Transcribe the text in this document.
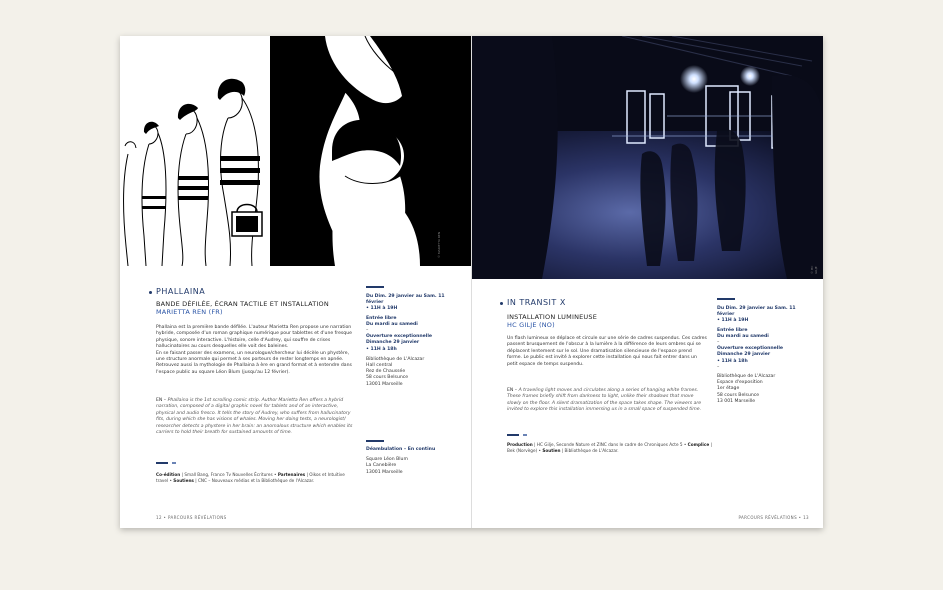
© MARIETTA REN
PHALLAINA
BANDE DÉFILÉE, ÉCRAN TACTILE ET INSTALLATION
MARIETTA REN (FR)
Phallaina est la première bande défilée. L'auteur Marietta Ren propose une narration hybride, composée d'un roman graphique numérique pour tablettes et d'une fresque physique, sonore interactive. L'histoire, celle d'Audrey, qui souffre de crises hallucinatoires au cours desquelles elle voit des baleines.
En se faisant passer des examens, un neurologue/chercheur lui décèle un phystère, une structure anormale qui permet à ses porteurs de rester longtemps en apnée. Retrouvez aussi la mythologie de Phallaina à ère en grand format et à entendre dans l'espace public au square Léon Blum (jusqu'au 12 février).
EN – Phallaina is the 1st scrolling comic strip. Author Marietta Ren offers a hybrid narration, composed of a digital graphic novel for tablets and of an interactive, physical and audio fresco. It tells the story of Audrey, who suffers from hallucinatory fits, during which she has visions of whales. Moving her doing tests, a neurologist/ researcher detects a phystere in her brain: an anomalous structure which enables its carriers to hold their breath for sustained amounts of time.
Co-édition | Small Bang, France Tv Nouvelles Écritures • Partenaires | Oikos et Intuitive travel • Soutiens | CNC – Nouveaux médias et la Bibliothèque de l'Alcazar.
Du Dim. 29 janvier au Sam. 11 février
• 11H à 19H
Entrée libre
Du mardi au samedi
–
Ouverture exceptionnelle
Dimanche 29 janvier
• 11H à 18h
Bibliothèque de L'Alcazar
Hall central
Rez de Chaussée
58 cours Belsunce
13001 Marseille
Déambulation – En continu
Square Léon Blum
La Canebière
13001 Marseille
12 • PARCOURS RÉVÉLATIONS
© HC GILJE
IN TRANSIT X
INSTALLATION LUMINEUSE
HC GILJE (NO)
Un flash lumineux se déplace et circule sur une série de cadres suspendus. Ces cadres passent brusquement de l'obscur à la lumière à la différence de leurs ombres qui se déplacent lentement sur le sol. Une dramatisation silencieuse de l'espace prend forme. Le public est invité à explorer cette installation qui nous fait entrer dans un petit espace de temps suspendu.
EN – A traveling light moves and circulates along a series of hanging white frames. These frames briefly shift from darkness to light, unlike their shadows that move slowly on the floor. A silent dramatization of the space takes shape. The viewers are invited to explore this installation immersing us in a small space of suspended time.
Production | HC Gilje, Seconde Nature et ZINC dans le cadre de Chroniques Acte 5 • Complice | Bek (Norvège) • Soutien | Bibliothèque de L'Alcazar.
Du Dim. 29 janvier au Sam. 11 février
• 11H à 19H
Entrée libre
Du mardi au samedi
–
Ouverture exceptionnelle
Dimanche 29 janvier
• 11H à 18h
–
Bibliothèque de L'Alcazar
Espace d'exposition
1er étage
58 cours Belsunce
13 001 Marseille
PARCOURS RÉVÉLATIONS • 13
